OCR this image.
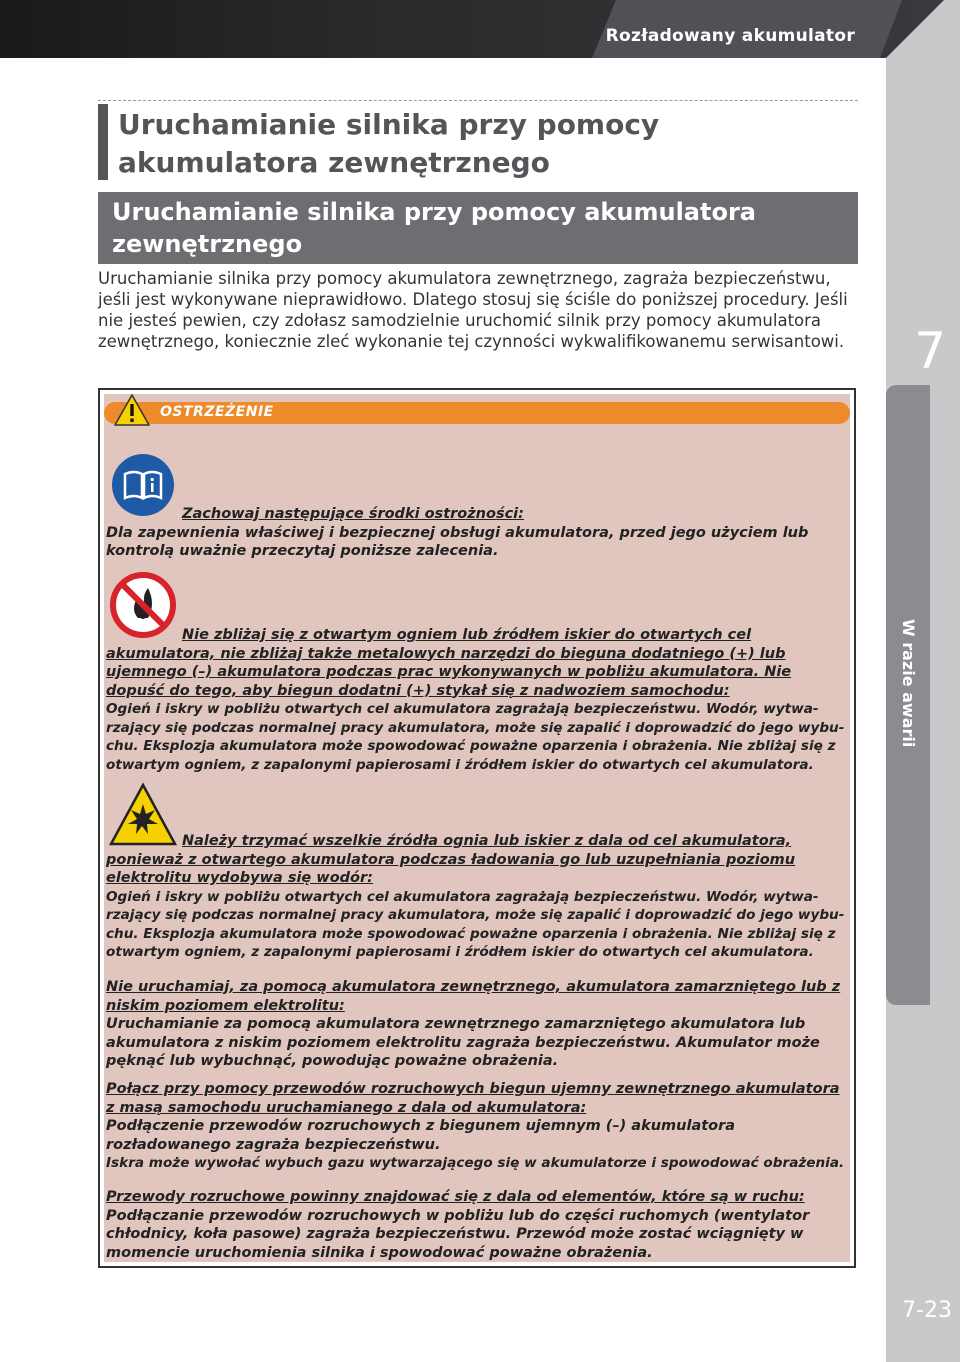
Rozładowany akumulator
7
W razie awarii
7-23
Uruchamianie silnika przy pomocy akumulatora zewnętrznego
Uruchamianie silnika przy pomocy akumulatora zewnętrznego
Uruchamianie silnika przy pomocy akumulatora zewnętrznego, zagraża bezpieczeństwu, jeśli jest wykonywane nieprawidłowo. Dlatego stosuj się ściśle do poniższej procedury. Jeśli nie jesteś pewien, czy zdołasz samodzielnie uruchomić silnik przy pomocy akumulatora zewnętrznego, koniecznie zleć wykonanie tej czynności wykwalifikowanemu serwisantowi.
OSTRZEŻENIE
Zachowaj następujące środki ostrożności:
Dla zapewnienia właściwej i bezpiecznej obsługi akumulatora, przed jego użyciem lub kontrolą uważnie przeczytaj poniższe zalecenia.
Nie zbliżaj się z otwartym ogniem lub źródłem iskier do otwartych cel akumulatora, nie zbliżaj także metalowych narzędzi do bieguna dodatniego (+) lub ujemnego (–) akumulatora podczas prac wykonywanych w pobliżu akumulatora. Nie dopuść do tego, aby biegun dodatni (+) stykał się z nadwoziem samochodu:
Ogień i iskry w pobliżu otwartych cel akumulatora zagrażają bezpieczeństwu. Wodór, wytwa-rzający się podczas normalnej pracy akumulatora, może się zapalić i doprowadzić do jego wybu-chu. Eksplozja akumulatora może spowodować poważne oparzenia i obrażenia. Nie zbliżaj się z otwartym ogniem, z zapalonymi papierosami i źródłem iskier do otwartych cel akumulatora.
Należy trzymać wszelkie źródła ognia lub iskier z dala od cel akumulatora, ponieważ z otwartego akumulatora podczas ładowania go lub uzupełniania poziomu elektrolitu wydobywa się wodór:
Ogień i iskry w pobliżu otwartych cel akumulatora zagrażają bezpieczeństwu. Wodór, wytwa-rzający się podczas normalnej pracy akumulatora, może się zapalić i doprowadzić do jego wybu-chu. Eksplozja akumulatora może spowodować poważne oparzenia i obrażenia. Nie zbliżaj się z otwartym ogniem, z zapalonymi papierosami i źródłem iskier do otwartych cel akumulatora.
Nie uruchamiaj, za pomocą akumulatora zewnętrznego, akumulatora zamarzniętego lub z niskim poziomem elektrolitu:
Uruchamianie za pomocą akumulatora zewnętrznego zamarzniętego akumulatora lub akumulatora z niskim poziomem elektrolitu zagraża bezpieczeństwu. Akumulator może pęknąć lub wybuchnąć, powodując poważne obrażenia.
Połącz przy pomocy przewodów rozruchowych biegun ujemny zewnętrznego akumulatora z masą samochodu uruchamianego z dala od akumulatora:
Podłączenie przewodów rozruchowych z biegunem ujemnym (–) akumulatora rozładowanego zagraża bezpieczeństwu.
Iskra może wywołać wybuch gazu wytwarzającego się w akumulatorze i spowodować obrażenia.
Przewody rozruchowe powinny znajdować się z dala od elementów, które są w ruchu:
Podłączanie przewodów rozruchowych w pobliżu lub do części ruchomych (wentylator chłodnicy, koła pasowe) zagraża bezpieczeństwu. Przewód może zostać wciągnięty w momencie uruchomienia silnika i spowodować poważne obrażenia.
